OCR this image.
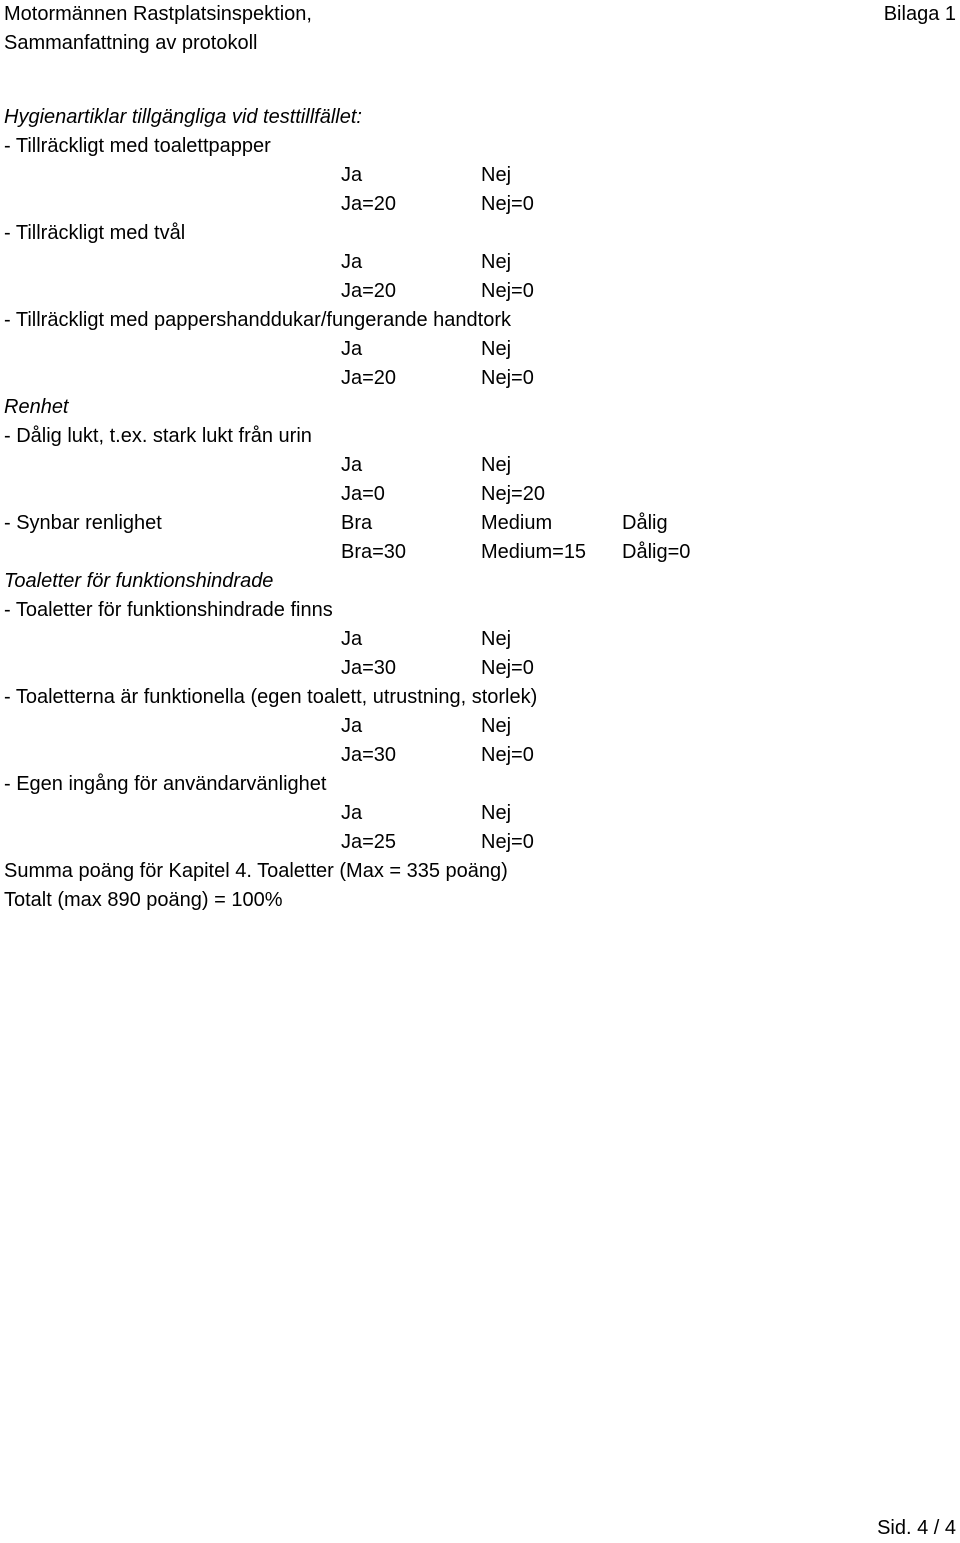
Motormännen Rastplatsinspektion,
Sammanfattning av protokoll
Bilaga 1
Hygienartiklar tillgängliga vid testtillfället:
- Tillräckligt med toalettpapper
Ja	Nej
Ja=20	Nej=0
- Tillräckligt med tvål
Ja	Nej
Ja=20	Nej=0
- Tillräckligt med pappershanddukar/fungerande handtork
Ja	Nej
Ja=20	Nej=0
Renhet
- Dålig lukt, t.ex. stark lukt från urin
Ja	Nej
Ja=0	Nej=20
- Synbar renlighet	Bra	Medium	Dålig
Bra=30	Medium=15 Dålig=0
Toaletter för funktionshindrade
- Toaletter för funktionshindrade finns
Ja	Nej
Ja=30	Nej=0
- Toaletterna är funktionella (egen toalett, utrustning, storlek)
Ja	Nej
Ja=30	Nej=0
- Egen ingång för användarvänlighet
Ja	Nej
Ja=25	Nej=0
Summa poäng för Kapitel 4. Toaletter (Max = 335 poäng)
Totalt (max 890 poäng) = 100%
Sid. 4 / 4
